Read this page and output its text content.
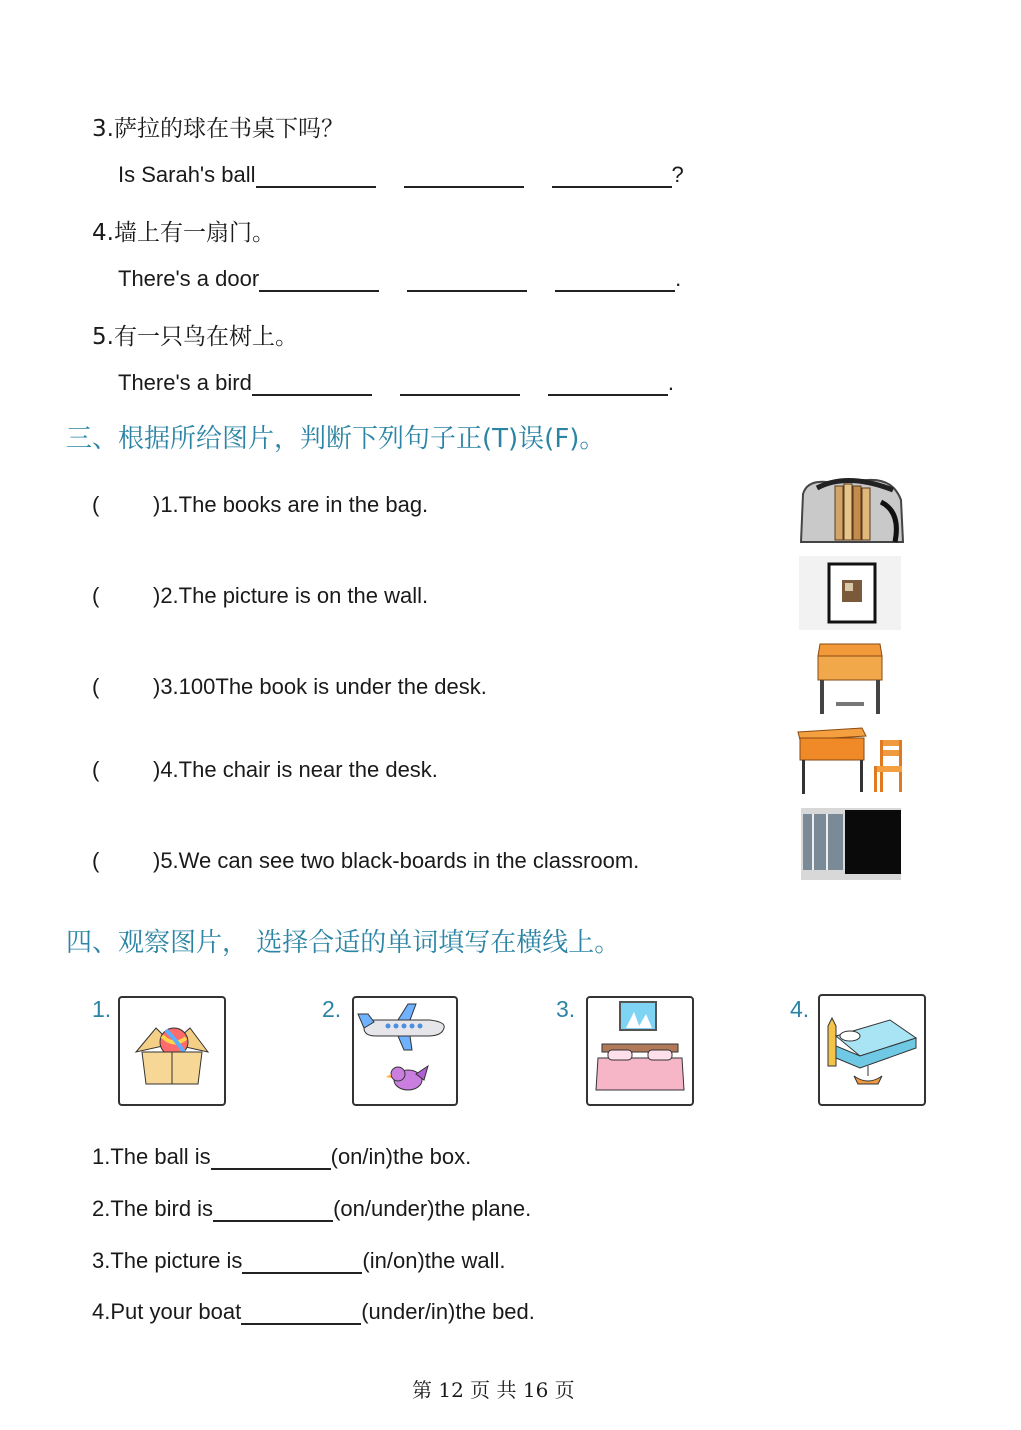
3.萨拉的球在书桌下吗？
Is Sarah's ball	?
4.墙上有一扇门。
There's a door	.
5.有一只鸟在树上。
There's a bird	.
三、根据所给图片，判断下列句子正(T)误(F)。
( )1.The books are in the bag.
( )2.The picture is on the wall.
( )3.100The book is under the desk.
( )4.The chair is near the desk.
( )5.We can see two black-boards in the classroom.
四、观察图片， 选择合适的单词填写在横线上。
1.	2.	3.	4.
1.The ball is	(on/in)the box.
2.The bird is	(on/under)the plane.
3.The picture is	(in/on)the wall.
4.Put your boat	(under/in)the bed.
第 12 页 共 16 页
